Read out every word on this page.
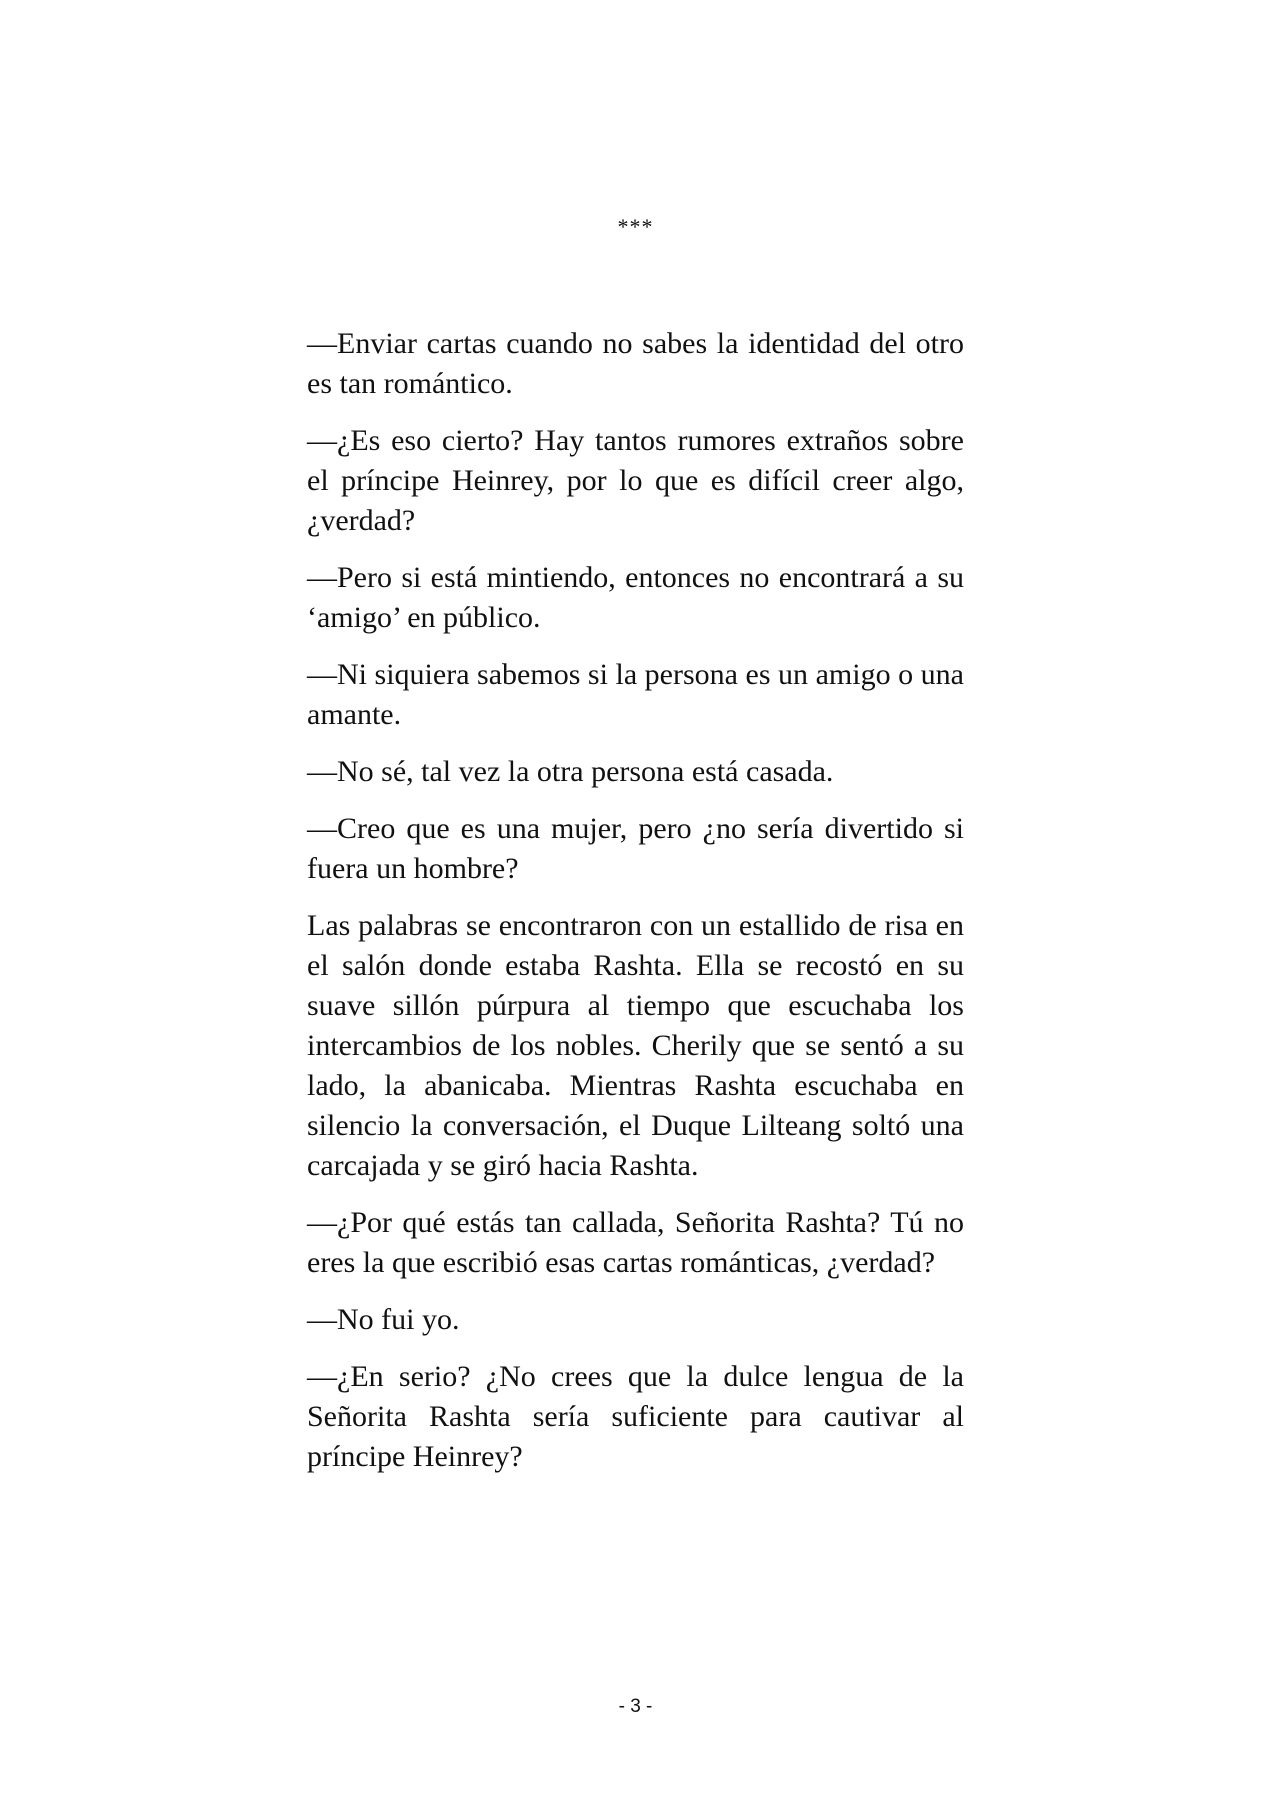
***

—Enviar cartas cuando no sabes la identidad del otro es tan romántico.

—¿Es eso cierto? Hay tantos rumores extraños sobre el príncipe Heinrey, por lo que es difícil creer algo, ¿verdad?

—Pero si está mintiendo, entonces no encontrará a su ‘amigo’ en público.

—Ni siquiera sabemos si la persona es un amigo o una amante.

—No sé, tal vez la otra persona está casada.

—Creo que es una mujer, pero ¿no sería divertido si fuera un hombre?

Las palabras se encontraron con un estallido de risa en el salón donde estaba Rashta. Ella se recostó en su suave sillón púrpura al tiempo que escuchaba los intercambios de los nobles. Cherily que se sentó a su lado, la abanicaba. Mientras Rashta escuchaba en silencio la conversación, el Duque Lilteang soltó una carcajada y se giró hacia Rashta.

—¿Por qué estás tan callada, Señorita Rashta? Tú no eres la que escribió esas cartas románticas, ¿verdad?

—No fui yo.

—¿En serio? ¿No crees que la dulce lengua de la Señorita Rashta sería suficiente para cautivar al príncipe Heinrey?

- 3 -
